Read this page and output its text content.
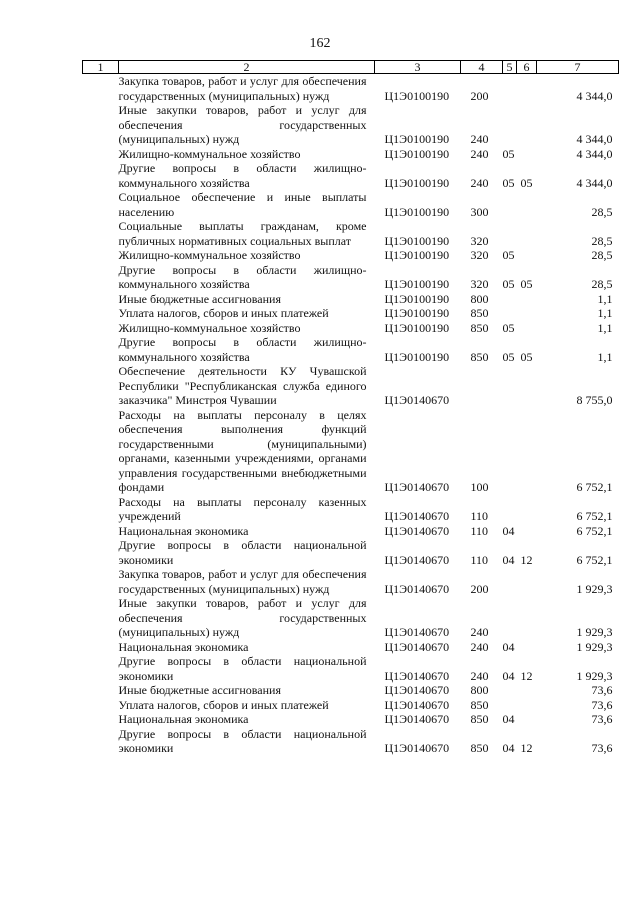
162
1	2	3	4	5	6	7
	Закупка товаров, работ и услуг для обеспечения государственных (муниципальных) нужд	Ц1Э0100190	200			4 344,0
	Иные закупки товаров, работ и услуг для обеспечения государственных (муниципальных) нужд	Ц1Э0100190	240			4 344,0
	Жилищно-коммунальное хозяйство	Ц1Э0100190	240	05		4 344,0
	Другие вопросы в области жилищно-коммунального хозяйства	Ц1Э0100190	240	05	05	4 344,0
	Социальное обеспечение и иные выплаты населению	Ц1Э0100190	300			28,5
	Социальные выплаты гражданам, кроме публичных нормативных социальных выплат	Ц1Э0100190	320			28,5
	Жилищно-коммунальное хозяйство	Ц1Э0100190	320	05		28,5
	Другие вопросы в области жилищно-коммунального хозяйства	Ц1Э0100190	320	05	05	28,5
	Иные бюджетные ассигнования	Ц1Э0100190	800			1,1
	Уплата налогов, сборов и иных платежей	Ц1Э0100190	850			1,1
	Жилищно-коммунальное хозяйство	Ц1Э0100190	850	05		1,1
	Другие вопросы в области жилищно-коммунального хозяйства	Ц1Э0100190	850	05	05	1,1
	Обеспечение деятельности КУ Чувашской Республики "Республиканская служба единого заказчика" Минстроя Чувашии	Ц1Э0140670				8 755,0
	Расходы на выплаты персоналу в целях обеспечения выполнения функций государственными (муниципальными) органами, казенными учреждениями, органами управления государственными внебюджетными фондами	Ц1Э0140670	100			6 752,1
	Расходы на выплаты персоналу казенных учреждений	Ц1Э0140670	110			6 752,1
	Национальная экономика	Ц1Э0140670	110	04		6 752,1
	Другие вопросы в области национальной экономики	Ц1Э0140670	110	04	12	6 752,1
	Закупка товаров, работ и услуг для обеспечения государственных (муниципальных) нужд	Ц1Э0140670	200			1 929,3
	Иные закупки товаров, работ и услуг для обеспечения государственных (муниципальных) нужд	Ц1Э0140670	240			1 929,3
	Национальная экономика	Ц1Э0140670	240	04		1 929,3
	Другие вопросы в области национальной экономики	Ц1Э0140670	240	04	12	1 929,3
	Иные бюджетные ассигнования	Ц1Э0140670	800			73,6
	Уплата налогов, сборов и иных платежей	Ц1Э0140670	850			73,6
	Национальная экономика	Ц1Э0140670	850	04		73,6
	Другие вопросы в области национальной экономики	Ц1Э0140670	850	04	12	73,6
